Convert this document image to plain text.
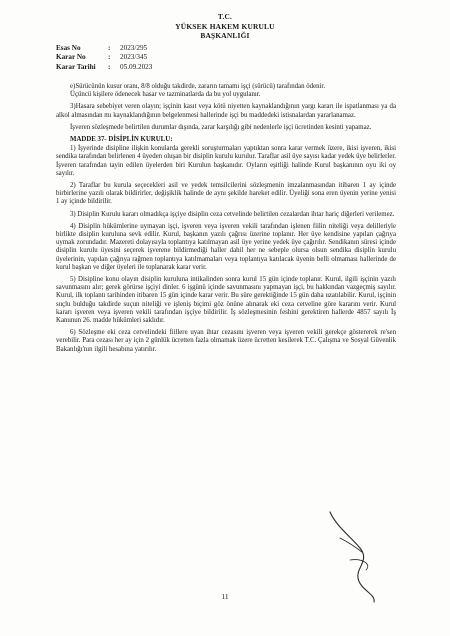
T.C.
YÜKSEK HAKEM KURULU
BAŞKANLIĞI
Esas No	:	2023/295
Karar No	:	2023/345
Karar Tarihi	:	05.09.2023

e)Sürücünün kusur oranı, 8/8 olduğu takdirde, zararın tamamı işçi (sürücü) tarafından ödenir.

Üçüncü kişilere ödenecek hasar ve tazminatlarda da bu yol uygulanır.

3)Hasara sebebiyet veren olayın; işçinin kasıt veya kötü niyetten kaynaklandığının yargı kararı ile ispatlanması ya da alkol almasından mı kaynaklandığının belgelenmesi hallerinde işçi bu maddedeki istisnalardan yararlanamaz.

İşveren sözleşmede belirtilen durumlar dışında, zarar karşılığı gibi nedenlerle işçi ücretinden kesinti yapamaz.

MADDE 37- DİSİPLİN KURULU:

1) İşyerinde disipline ilişkin konularda gerekli soruşturmaları yaptıktan sonra karar vermek üzere, ikisi işveren, ikisi sendika tarafından belirlenen 4 üyeden oluşan bir disiplin kurulu kurulur. Taraflar asil üye sayısı kadar yedek üye belirlerler. İşveren tarafından tayin edilen üyelerden biri Kurulun başkanıdır. Oyların eşitliği halinde Kurul başkanının oyu iki oy sayılır.

2) Taraflar bu kurula seçecekleri asil ve yedek temsilcilerini sözleşmenin imzalanmasından itibaren 1 ay içinde birbirlerine yazılı olarak bildirirler, değişiklik halinde de aynı şekilde hareket edilir. Üyeliği sona eren üyenin yerine yenisi 1 ay içinde bildirilir.

3) Disiplin Kurulu kararı olmadıkça işçiye disiplin ceza cetvelinde belirtilen cezalardan ihtar hariç diğerleri verilemez.

4) Disiplin hükümlerine uymayan işçi, işveren veya işveren vekili tarafından işlenen fiilin niteliği veya delilleriyle birlikte disiplin kuruluna sevk edilir. Kurul, başkanın yazılı çağrısı üzerine toplanır. Her üye kendisine yapılan çağrıya uymak zorundadır. Mazereti dolayısıyla toplantıya katılmayan asil üye yerine yedek üye çağırılır. Sendikanın süresi içinde disiplin kurulu üyesini seçerek işverene bildirmediği haller dahil her ne sebeple olursa olsun sendika disiplin kurulu üyelerinin, yapılan çağrıya rağmen toplantıya katılmamaları veya toplantıya katılacak üyenin belli olmaması hallerinde de kurul başkan ve diğer üyeleri ile toplanarak karar verir.

5) Disipline konu olayın disiplin kuruluna intikalinden sonra kurul 15 gün içinde toplanır. Kurul, ilgili işçinin yazılı savunmasını alır; gerek görürse işçiyi dinler. 6 işgünü içinde savunmasını yapmayan işçi, bu hakkından vazgeçmiş sayılır. Kurul, ilk toplantı tarihinden itibaren 15 gün içinde karar verir. Bu süre gerektiğinde 15 gün daha uzatılabilir. Kurul, işçinin suçlu bulduğu takdirde suçun niteliği ve işleniş biçimi göz önüne alınarak eki ceza cetveline göre kararını verir. Kurul kararı işveren veya işveren vekili tarafından işçiye bildirilir. İş sözleşmesinin feshini gerektiren hallerde 4857 sayılı İş Kanunun 26. madde hükümleri saklıdır.

6) Sözleşme eki ceza cetvelindeki fiillere uyan ihtar cezasını işveren veya işveren vekili gerekçe göstererek re'sen verebilir. Para cezası her ay için 2 günlük ücretten fazla olmamak üzere ücretten kesilerek T.C. Çalışma ve Sosyal Güvenlik Bakanlığı'nın ilgili hesabına yatırılır.

11
